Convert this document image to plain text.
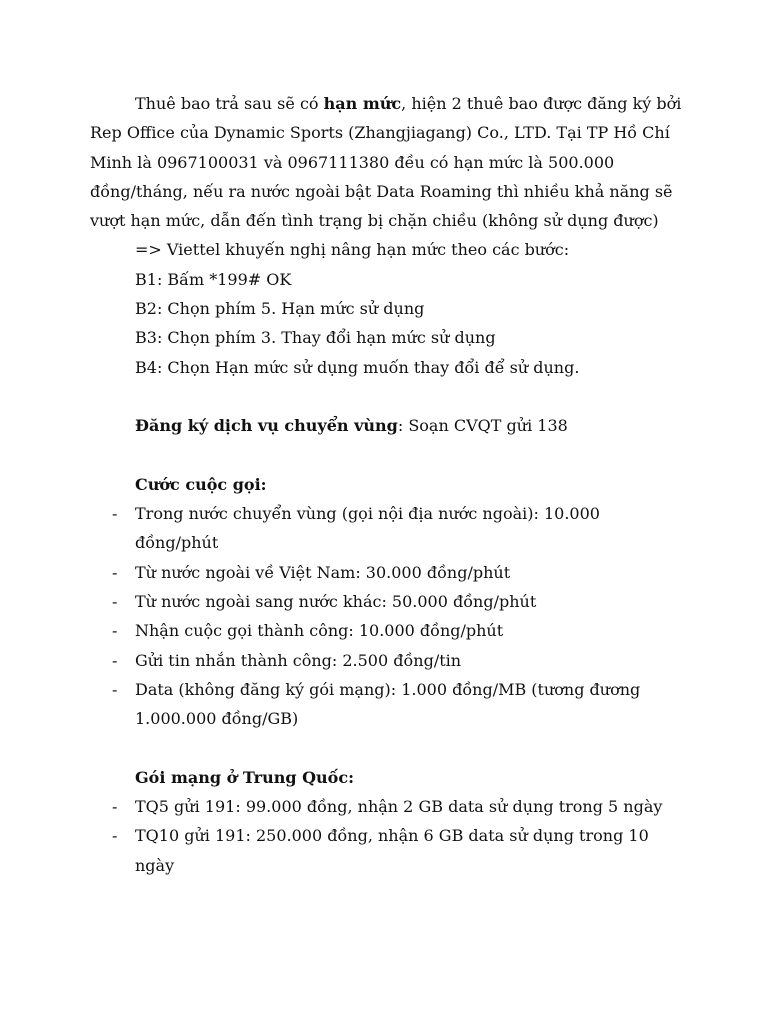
Thuê bao trả sau sẽ có hạn mức, hiện 2 thuê bao được đăng ký bởi Rep Office của Dynamic Sports (Zhangjiagang) Co., LTD. Tại TP Hồ Chí Minh là 0967100031 và 0967111380 đều có hạn mức là 500.000 đồng/tháng, nếu ra nước ngoài bật Data Roaming thì nhiều khả năng sẽ vượt hạn mức, dẫn đến tình trạng bị chặn chiều (không sử dụng được)

=> Viettel khuyến nghị nâng hạn mức theo các bước:
B1: Bấm *199# OK
B2: Chọn phím 5. Hạn mức sử dụng
B3: Chọn phím 3. Thay đổi hạn mức sử dụng
B4: Chọn Hạn mức sử dụng muốn thay đổi để sử dụng.
Đăng ký dịch vụ chuyển vùng: Soạn CVQT gửi 138
Cước cuộc gọi:
- Trong nước chuyển vùng (gọi nội địa nước ngoài): 10.000 đồng/phút
- Từ nước ngoài về Việt Nam: 30.000 đồng/phút
- Từ nước ngoài sang nước khác: 50.000 đồng/phút
- Nhận cuộc gọi thành công: 10.000 đồng/phút
- Gửi tin nhắn thành công: 2.500 đồng/tin
- Data (không đăng ký gói mạng): 1.000 đồng/MB (tương đương 1.000.000 đồng/GB)
Gói mạng ở Trung Quốc:
- TQ5 gửi 191: 99.000 đồng, nhận 2 GB data sử dụng trong 5 ngày
- TQ10 gửi 191: 250.000 đồng, nhận 6 GB data sử dụng trong 10 ngày
